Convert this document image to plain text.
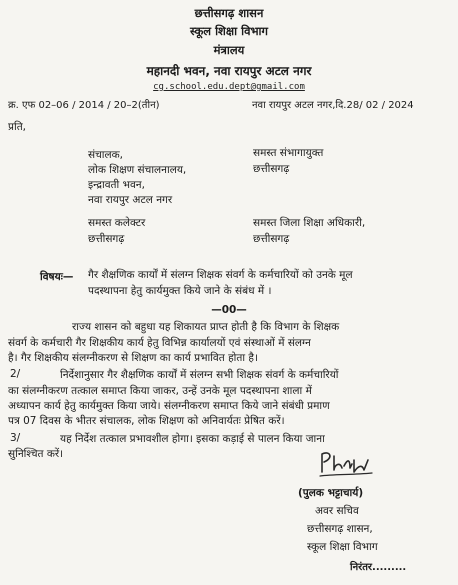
छत्तीसगढ़ शासन
स्कूल शिक्षा विभाग
मंत्रालय
महानदी भवन, नवा रायपुर अटल नगर
cg.school.edu.dept@gmail.com
क्र. एफ 02–06 / 2014 / 20–2(तीन)	नवा रायपुर अटल नगर,दि.28/ 02 / 2024
प्रति,
संचालक,
लोक शिक्षण संचालनालय,
इन्द्रावती भवन,
नवा रायपुर अटल नगर
समस्त संभागायुक्त
छत्तीसगढ़
समस्त कलेक्टर
छत्तीसगढ़
समस्त जिला शिक्षा अधिकारी,
छत्तीसगढ़
विषयः— गैर शैक्षणिक कार्यों में संलग्न शिक्षक संवर्ग के कर्मचारियों को उनके मूल
पदस्थापना हेतु कार्यमुक्त किये जाने के संबंध में ।
—00—
राज्य शासन को बहुधा यह शिकायत प्राप्त होती है कि विभाग के शिक्षक
संवर्ग के कर्मचारी गैर शिक्षकीय कार्य हेतु विभिन्न कार्यालयों एवं संस्थाओं में संलग्न
है। गैर शिक्षकीय संलग्नीकरण से शिक्षण का कार्य प्रभावित होता है।
2/	निर्देशानुसार गैर शैक्षणिक कार्यों में संलग्न सभी शिक्षक संवर्ग के कर्मचारियों
का संलग्नीकरण तत्काल समाप्त किया जाकर, उन्हें उनके मूल पदस्थापना शाला में
अध्यापन कार्य हेतु कार्यमुक्त किया जाये। संलग्नीकरण समाप्त किये जाने संबंधी प्रमाण
पत्र 07 दिवस के भीतर संचालक, लोक शिक्षण को अनिवार्यतः प्रेषित करें।
3/	यह निर्देश तत्काल प्रभावशील होगा। इसका कड़ाई से पालन किया जाना
सुनिश्चित करें।
(पुलक भट्टाचार्य)
अवर सचिव
छत्तीसगढ़ शासन,
स्कूल शिक्षा विभाग
निरंतर.........
